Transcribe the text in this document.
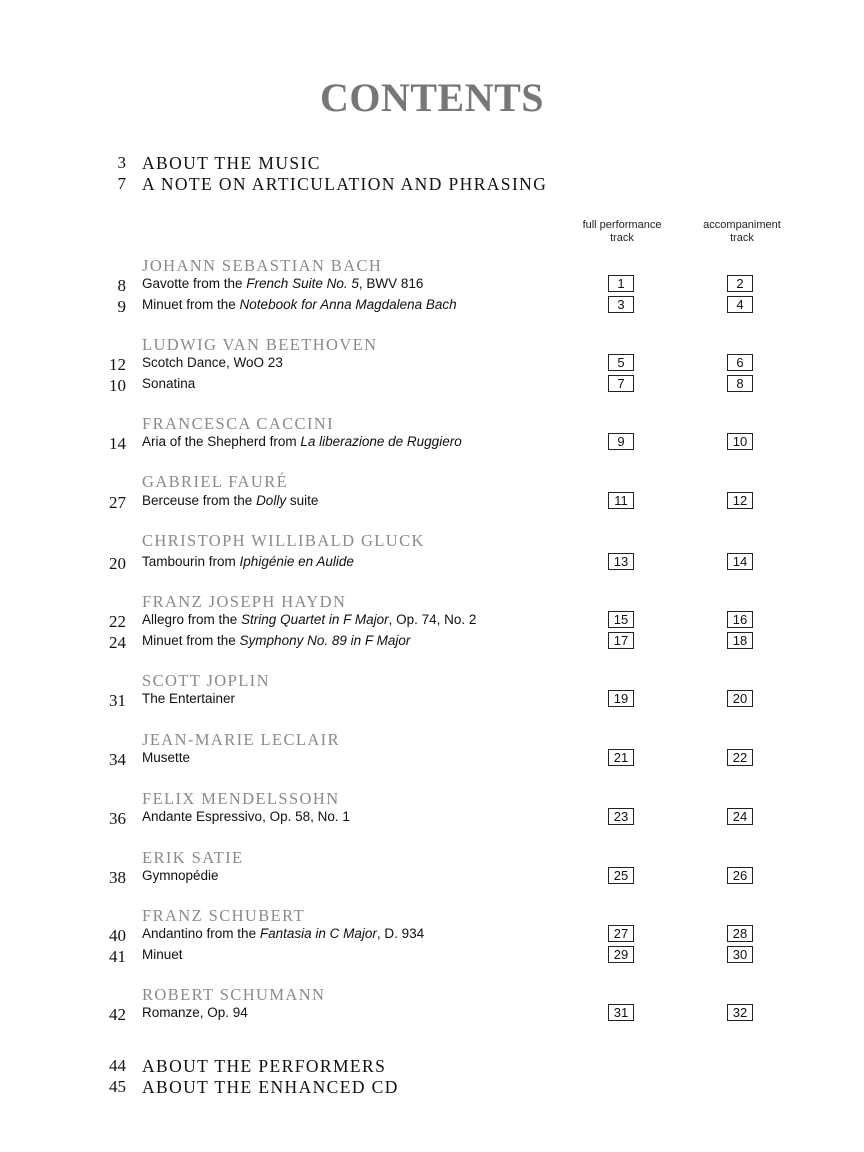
CONTENTS
3 ABOUT THE MUSIC
7 A NOTE ON ARTICULATION AND PHRASING
full performance
track
accompaniment
track
JOHANN SEBASTIAN BACH
8 Gavotte from the French Suite No. 5, BWV 816	1	2
9 Minuet from the Notebook for Anna Magdalena Bach	3	4
LUDWIG VAN BEETHOVEN
12 Scotch Dance, WoO 23	5	6
10 Sonatina	7	8
FRANCESCA CACCINI
14 Aria of the Shepherd from La liberazione de Ruggiero	9	10
GABRIEL FAURÉ
27 Berceuse from the Dolly suite	11	12
CHRISTOPH WILLIBALD GLUCK
20 Tambourin from Iphigénie en Aulide	13	14
FRANZ JOSEPH HAYDN
22 Allegro from the String Quartet in F Major, Op. 74, No. 2	15	16
24 Minuet from the Symphony No. 89 in F Major	17	18
SCOTT JOPLIN
31 The Entertainer	19	20
JEAN-MARIE LECLAIR
34 Musette	21	22
FELIX MENDELSSOHN
36 Andante Espressivo, Op. 58, No. 1	23	24
ERIK SATIE
38 Gymnopédie	25	26
FRANZ SCHUBERT
40 Andantino from the Fantasia in C Major, D. 934	27	28
41 Minuet	29	30
ROBERT SCHUMANN
42 Romanze, Op. 94	31	32
44 ABOUT THE PERFORMERS
45 ABOUT THE ENHANCED CD
